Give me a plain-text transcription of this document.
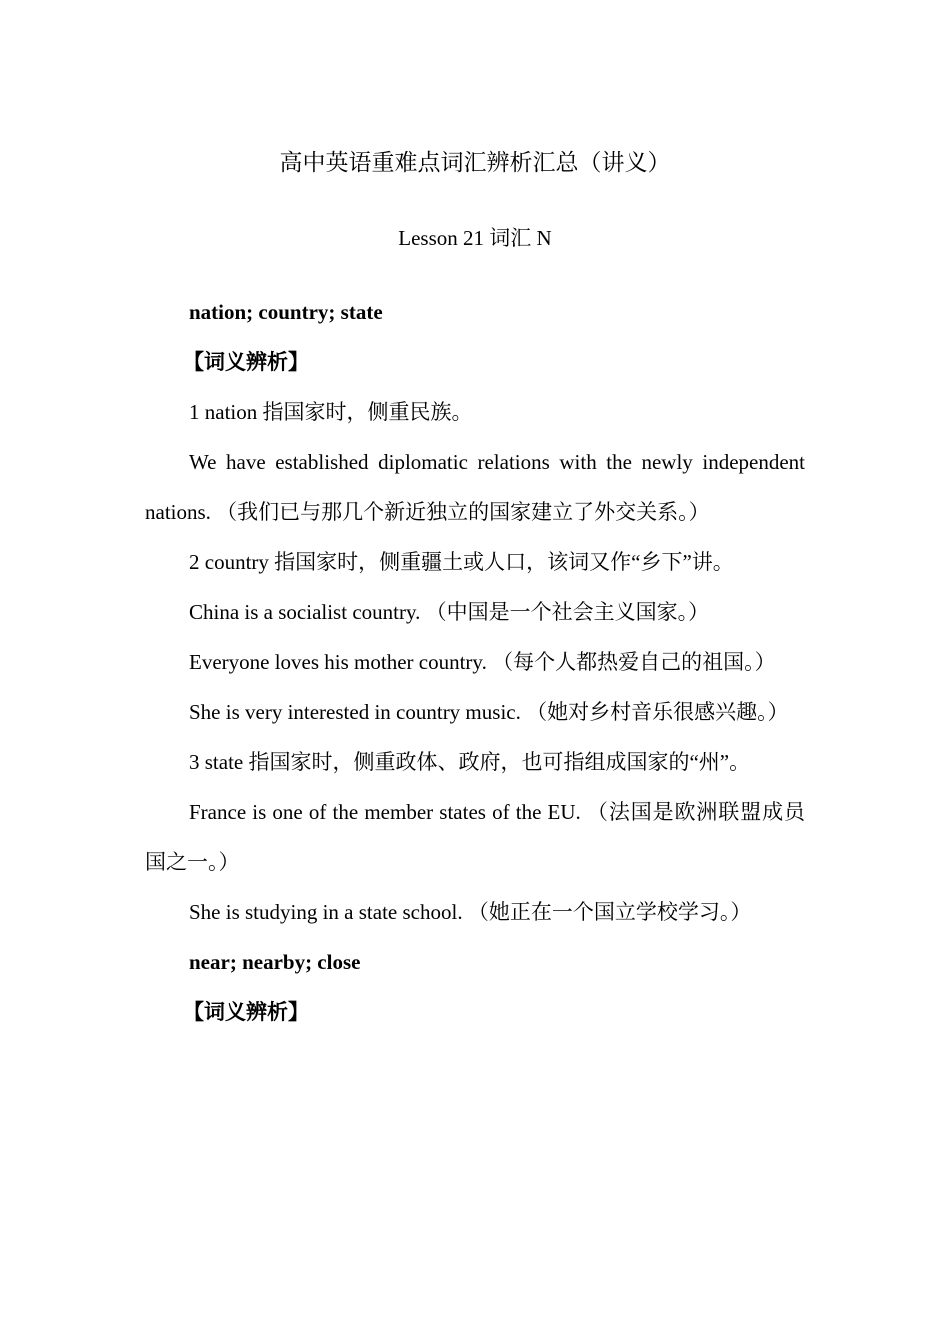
高中英语重难点词汇辨析汇总（讲义）
Lesson 21 词汇 N

nation; country; state

【词义辨析】

1 nation 指国家时，侧重民族。

We have established diplomatic relations with the newly independent nations. （我们已与那几个新近独立的国家建立了外交关系。）

2 country 指国家时，侧重疆土或人口，该词又作“乡下”讲。

China is a socialist country. （中国是一个社会主义国家。）

Everyone loves his mother country. （每个人都热爱自己的祖国。）

She is very interested in country music. （她对乡村音乐很感兴趣。）

3 state 指国家时，侧重政体、政府，也可指组成国家的“州”。

France is one of the member states of the EU. （法国是欧洲联盟成员国之一。）

She is studying in a state school. （她正在一个国立学校学习。）

near; nearby; close

【词义辨析】
